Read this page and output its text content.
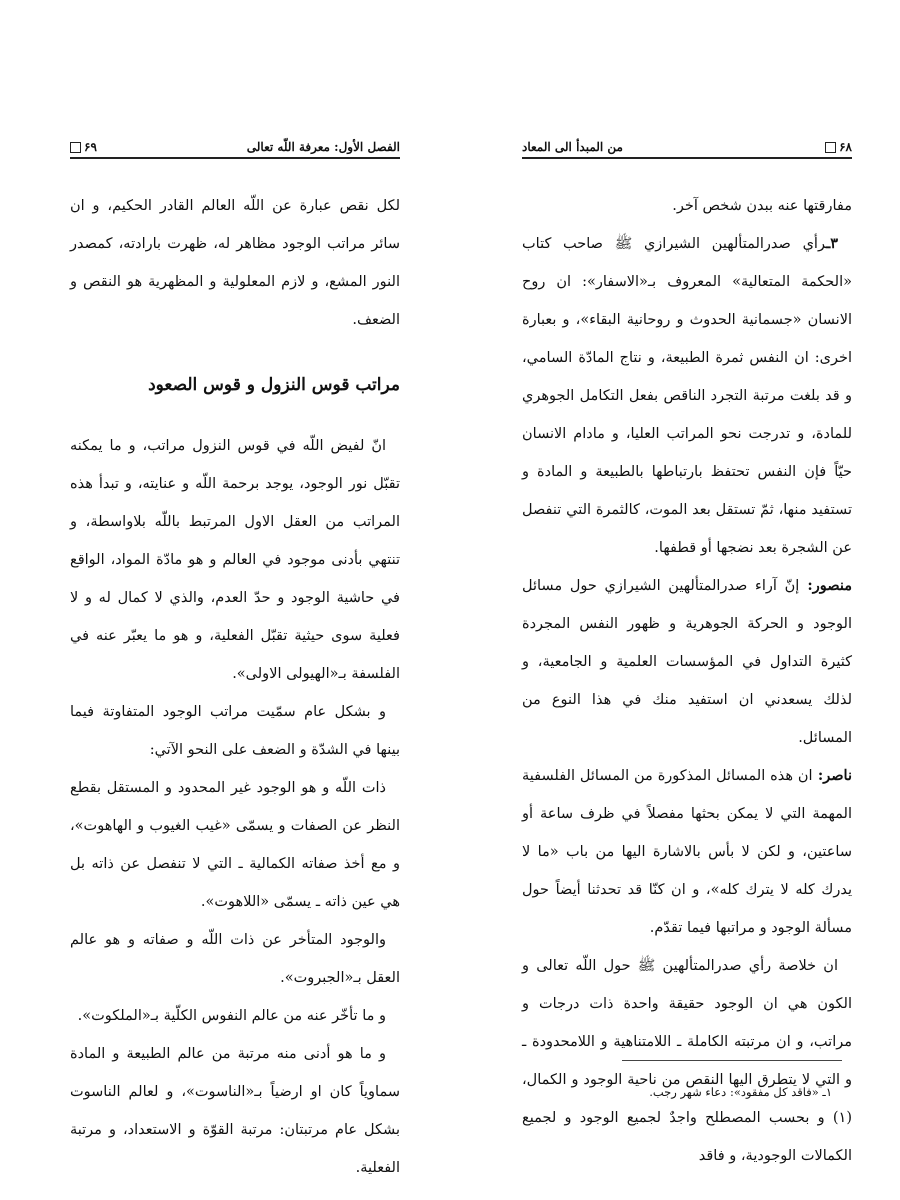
۶۸
من المبدأ الی المعاد

مفارقتها عنه ببدن شخص آخر.

۳ـرأي صدرالمتألهین الشیرازي ﷺ صاحب کتاب «الحکمة المتعالیة» المعروف بـ«الاسفار»: ان روح الانسان «جسمانیة الحدوث و روحانیة البقاء»، و بعبارة اخری: ان النفس ثمرة الطبیعة، و نتاج المادّة السامي، و قد بلغت مرتبة التجرد الناقص بفعل التکامل الجوهري للمادة، و تدرجت نحو المراتب العلیا، و مادام الانسان حیّاً فإن النفس تحتفظ بارتباطها بالطبیعة و المادة و تستفید منها، ثمّ تستقل بعد الموت، کالثمرة التي تنفصل عن الشجرة بعد نضجها أو قطفها.

منصور: إنّ آراء صدرالمتألهین الشیرازي حول مسائل الوجود و الحرکة الجوهریة و ظهور النفس المجردة کثیرة التداول في المؤسسات العلمیة و الجامعیة، و لذلك یسعدني ان استفید منك في هذا النوع من المسائل.

ناصر: ان هذه المسائل المذکورة من المسائل الفلسفیة المهمة التي لا یمکن بحثها مفصلاً في ظرف ساعة أو ساعتین، و لکن لا بأس بالاشارة الیها من باب «ما لا یدرك کله لا یترك کله»، و ان کنّا قد تحدثنا أیضاً حول مسألة الوجود و مراتبها فیما تقدّم.

ان خلاصة رأي صدرالمتألهین ﷺ حول اللّه تعالی و الکون هي ان الوجود حقیقة واحدة ذات درجات و مراتب، و ان مرتبته الکاملة ـ اللامتناهیة و اللامحدودة ـ و التي لا یتطرق الیها النقص من ناحیة الوجود و الکمال، (۱) و بحسب المصطلح واجدٌ لجمیع الوجود و لجمیع الکمالات الوجودیة، و فاقد

۱ـ «فاقد کل مفقود»: دعاء شهر رجب.
الفصل الأول: معرفة اللّه تعالی
۶۹

لکل نقص عبارة عن اللّه العالم القادر الحکیم، و ان سائر مراتب الوجود مظاهر له، ظهرت بارادته، کمصدر النور المشع، و لازم المعلولیة و المظهریة هو النقص و الضعف.

مراتب قوس النزول و قوس الصعود

انّ لفیض اللّه في قوس النزول مراتب، و ما یمکنه تقبّل نور الوجود، یوجد برحمة اللّه و عنایته، و تبدأ هذه المراتب من العقل الاول المرتبط باللّه بلاواسطة، و تنتهي بأدنی موجود في العالم و هو مادّة المواد، الواقع في حاشیة الوجود و حدّ العدم، والذي لا کمال له و لا فعلیة سوی حیثیة تقبّل الفعلیة، و هو ما یعبّر عنه في الفلسفة بـ«الهیولی الاولی».

و بشکل عام سمّیت مراتب الوجود المتفاوتة فیما بینها في الشدّة و الضعف علی النحو الآتي:

ذات اللّه و هو الوجود غیر المحدود و المستقل بقطع النظر عن الصفات و یسمّی «غیب الغیوب و الهاهوت»، و مع أخذ صفاته الکمالیة ـ التي لا تنفصل عن ذاته بل هي عین ذاته ـ یسمّی «اللاهوت».

والوجود المتأخر عن ذات اللّه و صفاته و هو عالم العقل بـ«الجبروت».

و ما تأخّر عنه من عالم النفوس الکلّیة بـ«الملکوت».

و ما هو أدنی منه مرتبة من عالم الطبیعة و المادة سماویاً کان او ارضیاً بـ«الناسوت»، و لعالم الناسوت بشکل عام مرتبتان: مرتبة القوّة و الاستعداد، و مرتبة الفعلیة.
